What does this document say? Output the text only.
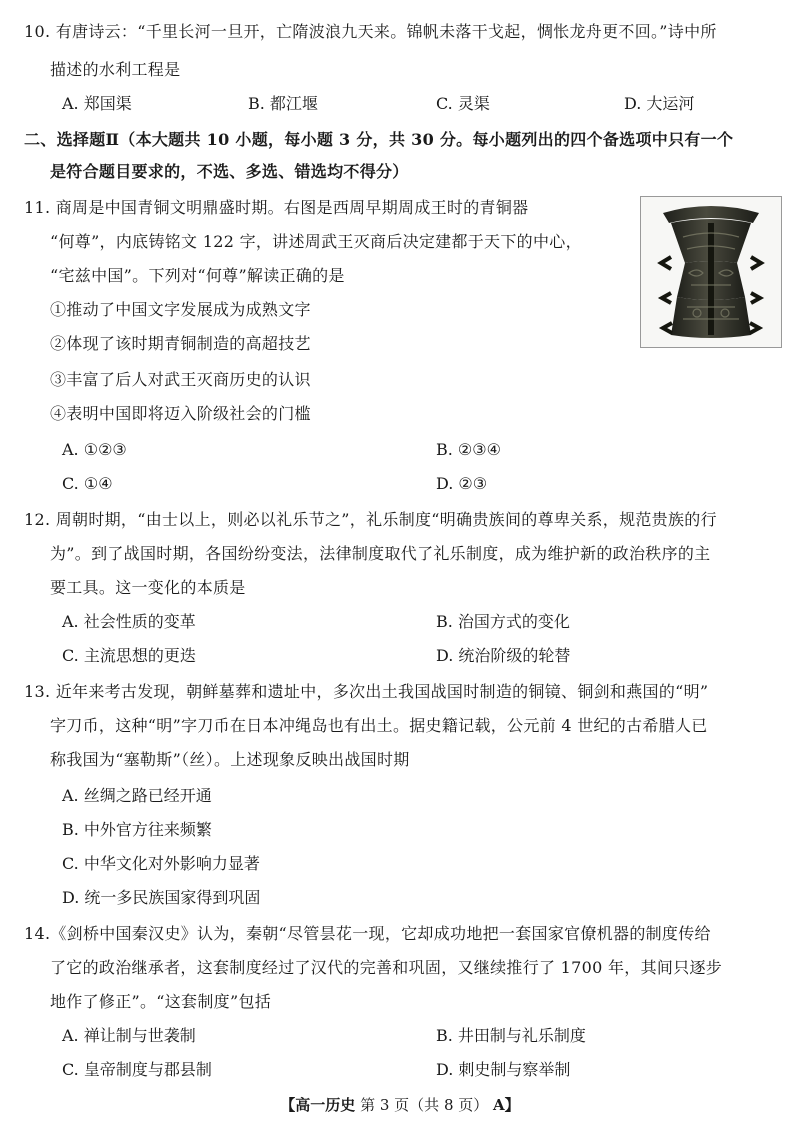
10. 有唐诗云：“千里长河一旦开，亡隋波浪九天来。锦帆未落干戈起，惆怅龙舟更不回。”诗中所
描述的水利工程是
A. 郑国渠	B. 都江堰	C. 灵渠	D. 大运河
二、选择题Ⅱ（本大题共 10 小题，每小题 3 分，共 30 分。每小题列出的四个备选项中只有一个
是符合题目要求的，不选、多选、错选均不得分）
11. 商周是中国青铜文明鼎盛时期。右图是西周早期周成王时的青铜器
“何尊”，内底铸铭文 122 字，讲述周武王灭商后决定建都于天下的中心，
“宅兹中国”。下列对“何尊”解读正确的是
①推动了中国文字发展成为成熟文字
②体现了该时期青铜制造的高超技艺
③丰富了后人对武王灭商历史的认识
④表明中国即将迈入阶级社会的门槛
A. ①②③	B. ②③④
C. ①④	D. ②③
12. 周朝时期，“由士以上，则必以礼乐节之”，礼乐制度“明确贵族间的尊卑关系，规范贵族的行
为”。到了战国时期，各国纷纷变法，法律制度取代了礼乐制度，成为维护新的政治秩序的主
要工具。这一变化的本质是
A. 社会性质的变革	B. 治国方式的变化
C. 主流思想的更迭	D. 统治阶级的轮替
13. 近年来考古发现，朝鲜墓葬和遗址中，多次出土我国战国时制造的铜镜、铜剑和燕国的“明”
字刀币，这种“明”字刀币在日本冲绳岛也有出土。据史籍记载，公元前 4 世纪的古希腊人已
称我国为“塞勒斯”（丝）。上述现象反映出战国时期
A. 丝绸之路已经开通
B. 中外官方往来频繁
C. 中华文化对外影响力显著
D. 统一多民族国家得到巩固
14.《剑桥中国秦汉史》认为，秦朝“尽管昙花一现，它却成功地把一套国家官僚机器的制度传给
了它的政治继承者，这套制度经过了汉代的完善和巩固，又继续推行了 1700 年，其间只逐步
地作了修正”。“这套制度”包括
A. 禅让制与世袭制	B. 井田制与礼乐制度
C. 皇帝制度与郡县制	D. 刺史制与察举制
【高一历史 第 3 页（共 8 页） A】
